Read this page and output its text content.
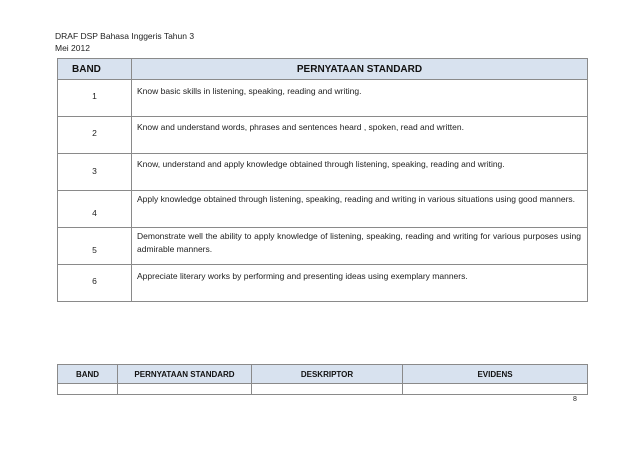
DRAF DSP Bahasa Inggeris Tahun 3
Mei 2012
BAND	PERNYATAAN STANDARD
1	Know basic skills in listening, speaking, reading and writing.
2	Know and understand words, phrases and sentences heard , spoken, read and written.
3	Know, understand and apply knowledge obtained through listening, speaking, reading and writing.
4	Apply knowledge obtained through listening, speaking, reading and writing in various situations using good manners.
5	Demonstrate well the ability to apply knowledge of listening, speaking, reading and writing for various purposes using admirable manners.
6	Appreciate literary works by performing and presenting ideas using exemplary manners.
BAND	PERNYATAAN STANDARD	DESKRIPTOR	EVIDENS

8
